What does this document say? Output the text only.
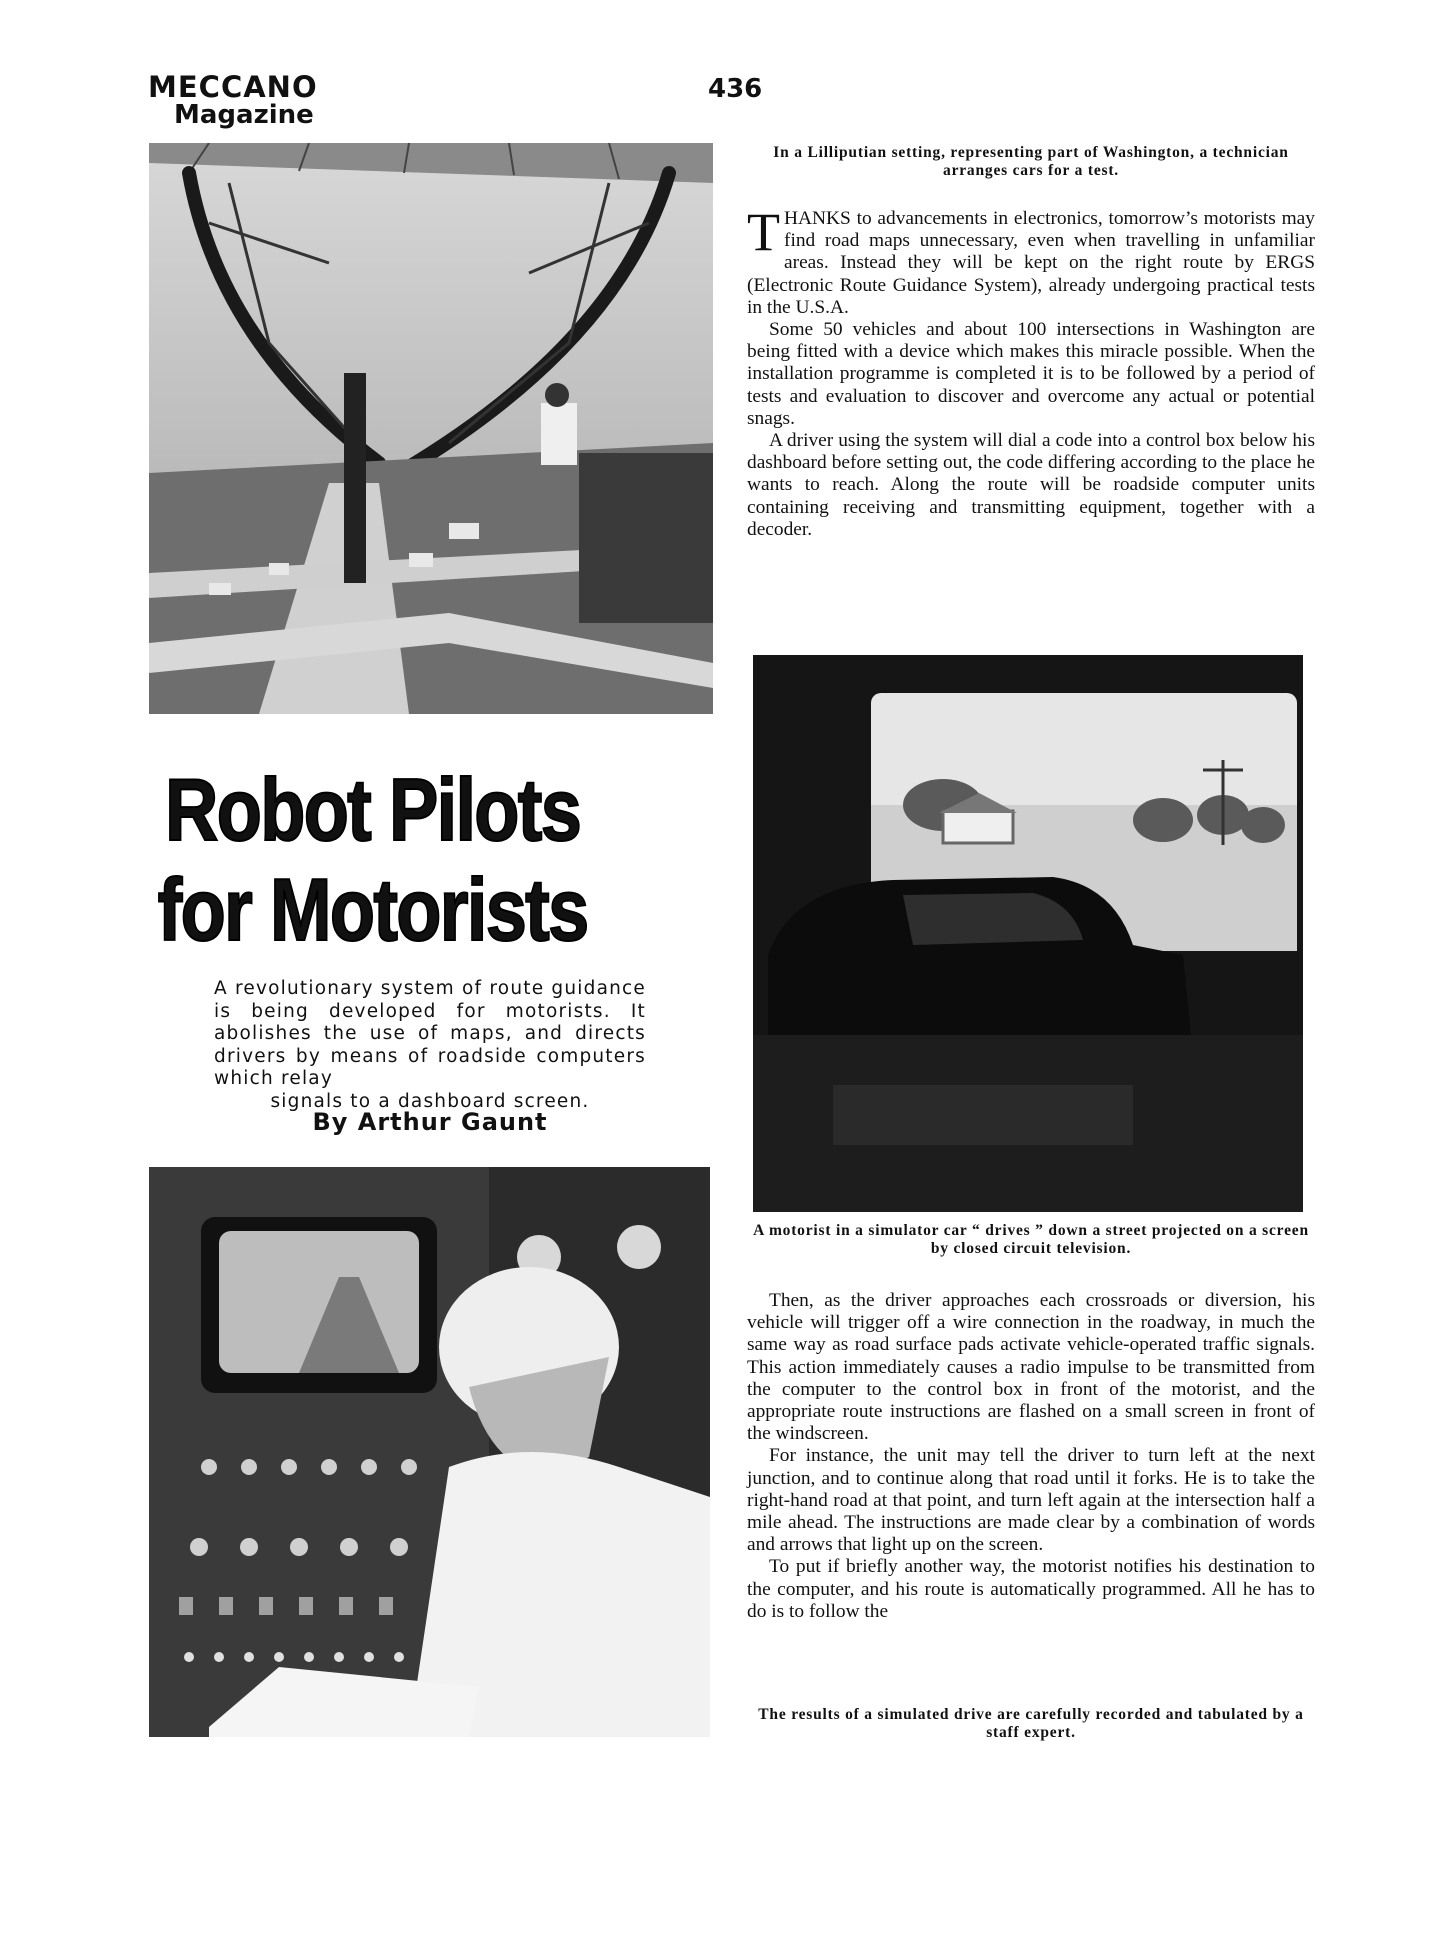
MECCANO
Magazine
436
In a Lilliputian setting, representing part of Washington, a technician arranges cars for a test.

THANKS to advancements in electronics, tomorrow’s motorists may find road maps unnecessary, even when travelling in unfamiliar areas. Instead they will be kept on the right route by ERGS (Electronic Route Guidance System), already undergoing practical tests in the U.S.A.

Some 50 vehicles and about 100 intersections in Washington are being fitted with a device which makes this miracle possible. When the installation programme is completed it is to be followed by a period of tests and evaluation to discover and overcome any actual or potential snags.

A driver using the system will dial a code into a control box below his dashboard before setting out, the code differing according to the place he wants to reach. Along the route will be roadside computer units containing receiving and transmitting equipment, together with a decoder.

Robot Pilots
for Motorists

A revolutionary system of route guidance is being developed for motorists. It abolishes the use of maps, and directs drivers by means of roadside computers which relay
signals to a dashboard screen.

By Arthur Gaunt
A motorist in a simulator car “ drives ” down a street projected on a screen by closed circuit television.

Then, as the driver approaches each crossroads or diversion, his vehicle will trigger off a wire connection in the roadway, in much the same way as road surface pads activate vehicle-operated traffic signals. This action immediately causes a radio impulse to be transmitted from the computer to the control box in front of the motorist, and the appropriate route instructions are flashed on a small screen in front of the windscreen.

For instance, the unit may tell the driver to turn left at the next junction, and to continue along that road until it forks. He is to take the right-hand road at that point, and turn left again at the intersection half a mile ahead. The instructions are made clear by a combination of words and arrows that light up on the screen.

To put if briefly another way, the motorist notifies his destination to the computer, and his route is automatically programmed. All he has to do is to follow the

The results of a simulated drive are carefully recorded and tabulated by a staff expert.
